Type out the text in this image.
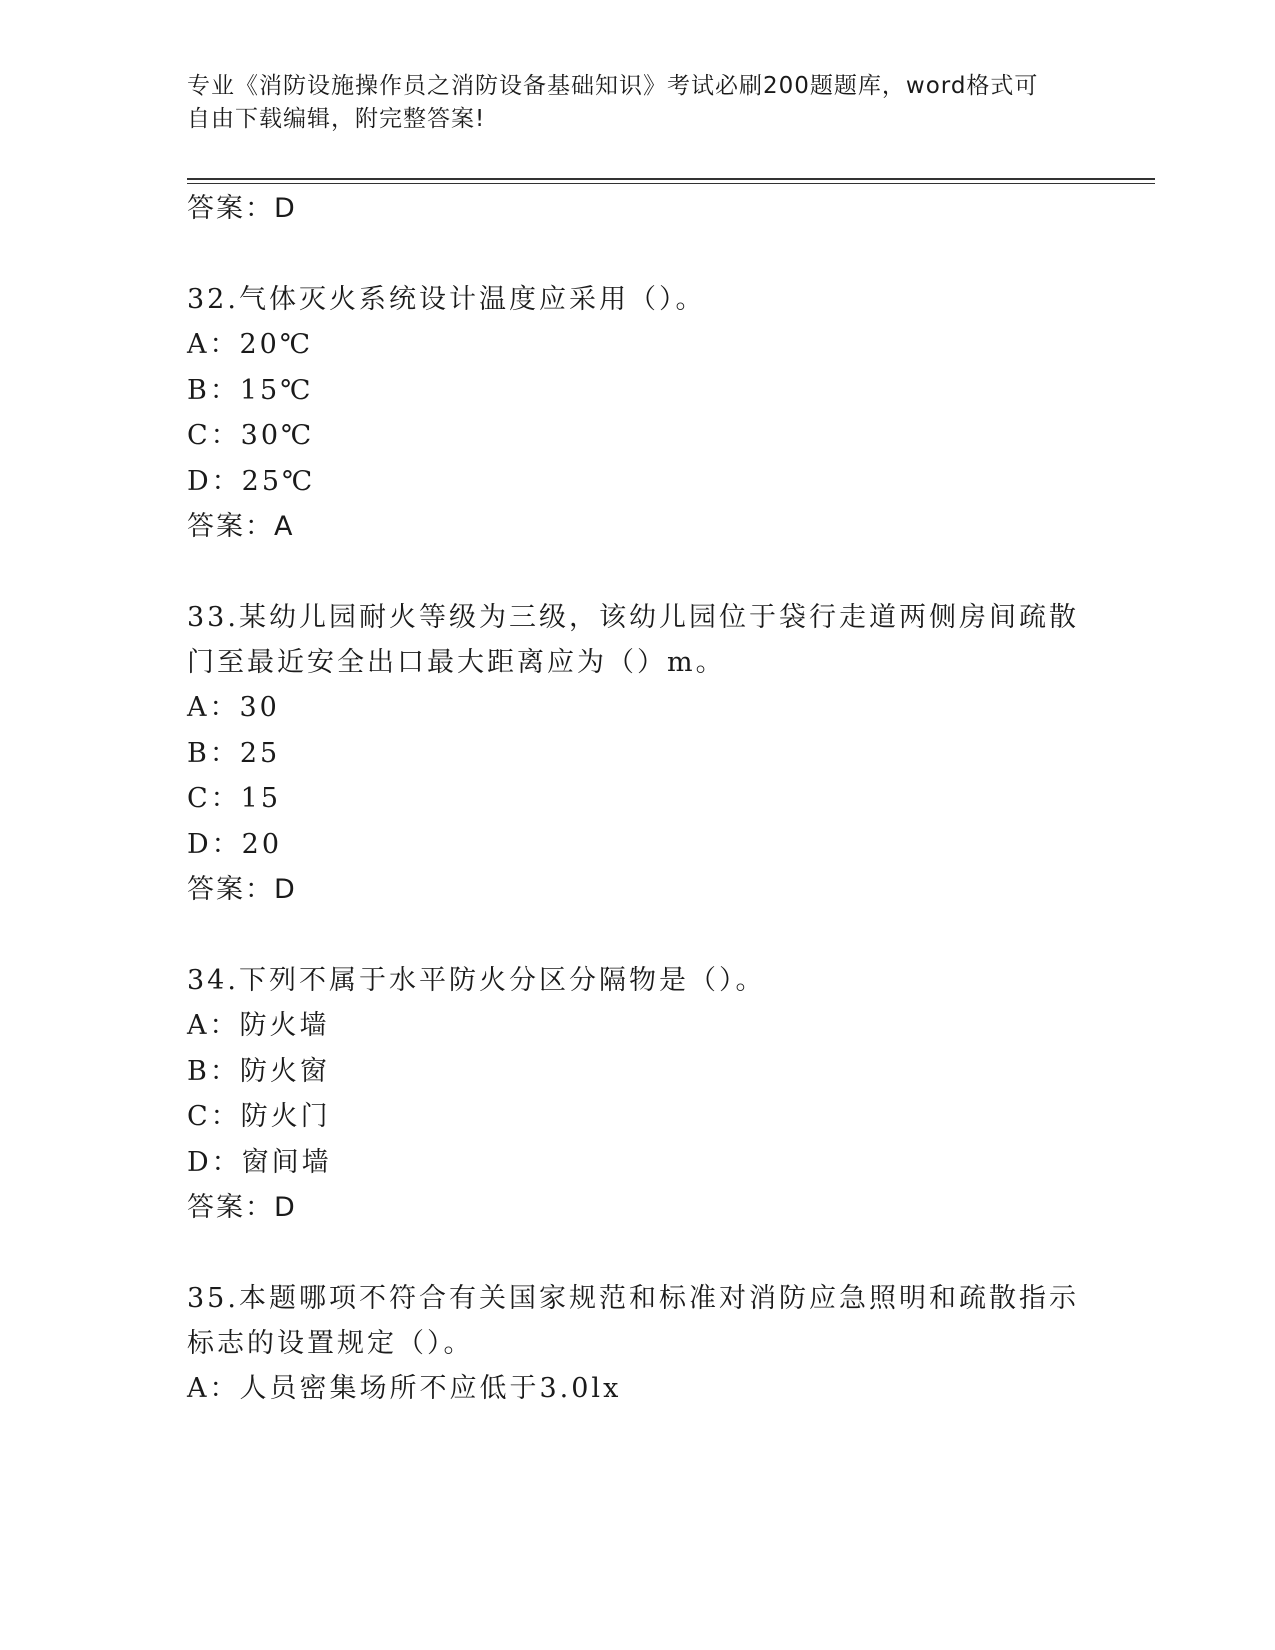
专业《消防设施操作员之消防设备基础知识》考试必刷200题题库，word格式可
自由下载编辑，附完整答案!
答案：D
32.气体灭火系统设计温度应采用（）。
A：20℃
B：15℃
C：30℃
D：25℃
答案：A
33.某幼儿园耐火等级为三级，该幼儿园位于袋行走道两侧房间疏散门至最近安全出口最大距离应为（）m。
A：30
B：25
C：15
D：20
答案：D
34.下列不属于水平防火分区分隔物是（）。
A：防火墙
B：防火窗
C：防火门
D：窗间墙
答案：D
35.本题哪项不符合有关国家规范和标准对消防应急照明和疏散指示标志的设置规定（）。
A：人员密集场所不应低于3.0lx
